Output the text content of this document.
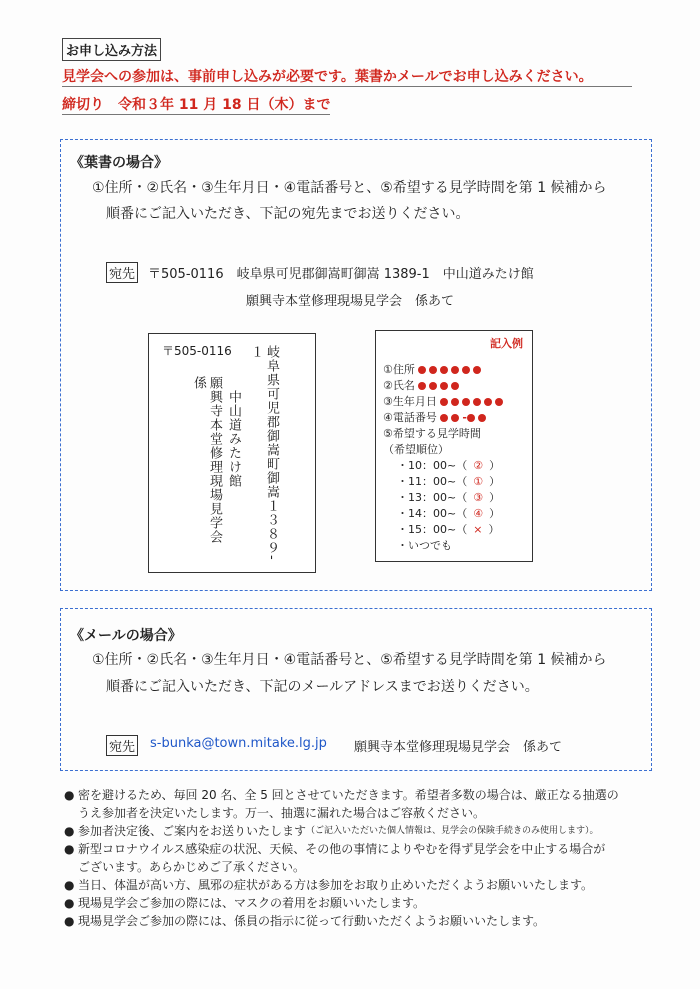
お申し込み方法
見学会への参加は、事前申し込みが必要です。葉書かメールでお申し込みください。
締切り　令和３年 11 月 18 日（木）まで
《葉書の場合》
①住所・②氏名・③生年月日・④電話番号と、⑤希望する見学時間を第 1 候補から
順番にご記入いただき、下記の宛先までお送りください。
宛先 〒505-0116　岐阜県可児郡御嵩町御嵩 1389-1　中山道みたけ館
願興寺本堂修理現場見学会　係あて
〒505-0116	岐阜県可児郡御嵩町御嵩１３８９-１
中山道みたけ館
願興寺本堂修理現場見学会　係
記入例
①住所
②氏名
③生年月日
④電話番号 -
⑤希望する見学時間
（希望順位）
・10：00~（ ② ）
・11：00~（ ① ）
・13：00~（ ③ ）
・14：00~（ ④ ）
・15：00~（ × ）
・いつでも
《メールの場合》
①住所・②氏名・③生年月日・④電話番号と、⑤希望する見学時間を第 1 候補から
順番にご記入いただき、下記のメールアドレスまでお送りください。
宛先 s-bunka@town.mitake.lg.jp 願興寺本堂修理現場見学会　係あて
● 密を避けるため、毎回 20 名、全 5 回とさせていただきます。希望者多数の場合は、厳正なる抽選の
うえ参加者を決定いたします。万一、抽選に漏れた場合はご容赦ください。
● 参加者決定後、ご案内をお送りいたします （ご記入いただいた個人情報は、見学会の保険手続きのみ使用します）。
● 新型コロナウイルス感染症の状況、天候、その他の事情によりやむを得ず見学会を中止する場合が
ございます。あらかじめご了承ください。
● 当日、体温が高い方、風邪の症状がある方は参加をお取り止めいただくようお願いいたします。
● 現場見学会ご参加の際には、マスクの着用をお願いいたします。
● 現場見学会ご参加の際には、係員の指示に従って行動いただくようお願いいたします。
